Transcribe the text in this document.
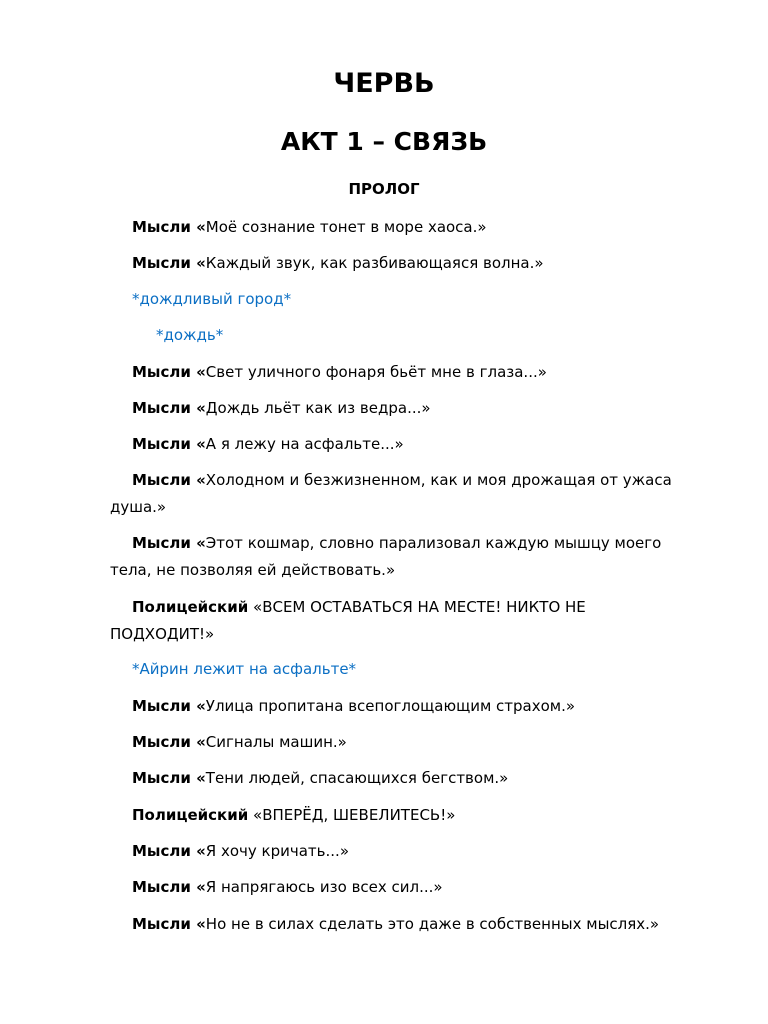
ЧЕРВЬ
АКТ 1 – СВЯЗЬ
ПРОЛОГ

Мысли «Моё сознание тонет в море хаоса.»

Мысли «Каждый звук, как разбивающаяся волна.»

*дождливый город*

*дождь*

Мысли «Свет уличного фонаря бьёт мне в глаза...»

Мысли «Дождь льёт как из ведра...»

Мысли «А я лежу на асфальте...»

Мысли «Холодном и безжизненном, как и моя дрожащая от ужаса душа.»

Мысли «Этот кошмар, словно парализовал каждую мышцу моего тела, не позволяя ей действовать.»

Полицейский «ВСЕМ ОСТАВАТЬСЯ НА МЕСТЕ! НИКТО НЕ ПОДХОДИТ!»

*Айрин лежит на асфальте*

Мысли «Улица пропитана всепоглощающим страхом.»

Мысли «Сигналы машин.»

Мысли «Тени людей, спасающихся бегством.»

Полицейский «ВПЕРЁД, ШЕВЕЛИТЕСЬ!»

Мысли «Я хочу кричать...»

Мысли «Я напрягаюсь изо всех сил...»

Мысли «Но не в силах сделать это даже в собственных мыслях.»
